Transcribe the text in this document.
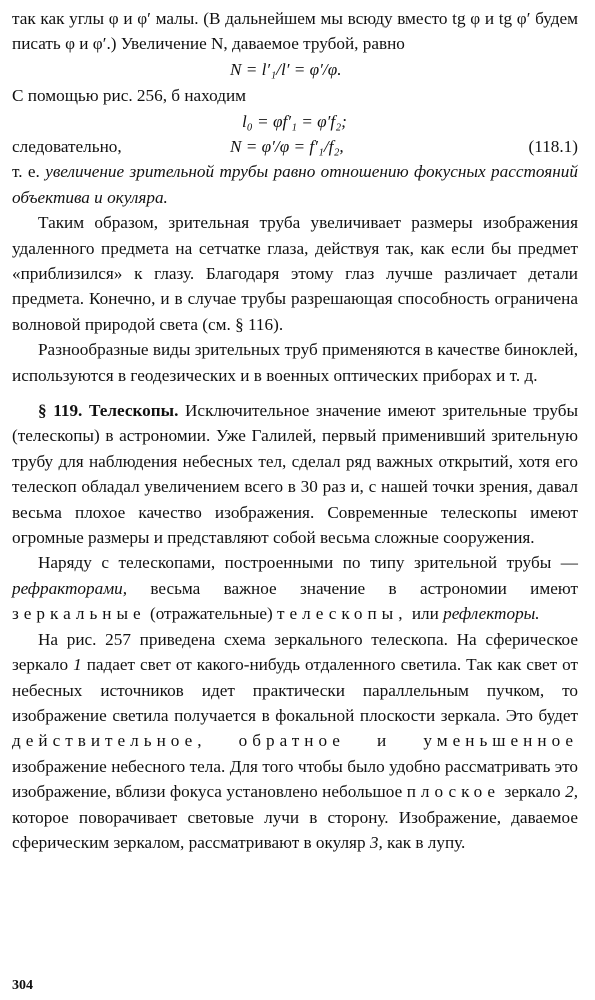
так как углы φ и φ′ малы. (В дальнейшем мы всюду вместо tg φ и tg φ′ будем писать φ и φ′.) Увеличение N, даваемое трубой, равно

N = l′₁/l′ = φ′/φ.

С помощью рис. 256, б находим

l₀ = φf′₁ = φ′f₂;
следовательно,	N = φ′/φ = f′₁/f₂,	(118.1)

т. е. увеличение зрительной трубы равно отношению фокусных расстояний объектива и окуляра.

Таким образом, зрительная труба увеличивает размеры изображения удаленного предмета на сетчатке глаза, действуя так, как если бы предмет «приблизился» к глазу. Благодаря этому глаз лучше различает детали предмета. Конечно, и в случае трубы разрешающая способность ограничена волновой природой света (см. § 116).

Разнообразные виды зрительных труб применяются в качестве биноклей, используются в геодезических и в военных оптических приборах и т. д.

§ 119. Телескопы. Исключительное значение имеют зрительные трубы (телескопы) в астрономии. Уже Галилей, первый применивший зрительную трубу для наблюдения небесных тел, сделал ряд важных открытий, хотя его телескоп обладал увеличением всего в 30 раз и, с нашей точки зрения, давал весьма плохое качество изображения. Современные телескопы имеют огромные размеры и представляют собой весьма сложные сооружения.

Наряду с телескопами, построенными по типу зрительной трубы — рефракторами, весьма важное значение в астрономии имеют зеркальные (отражательные) телескопы, или рефлекторы.

На рис. 257 приведена схема зеркального телескопа. На сферическое зеркало 1 падает свет от какого-нибудь отдаленного светила. Так как свет от небесных источников идет практически параллельным пучком, то изображение светила получается в фокальной плоскости зеркала. Это будет действительное, обратное и уменьшенное изображение небесного тела. Для того чтобы было удобно рассматривать это изображение, вблизи фокуса установлено небольшое плоское зеркало 2, которое поворачивает световые лучи в сторону. Изображение, даваемое сферическим зеркалом, рассматривают в окуляр 3, как в лупу.

304
